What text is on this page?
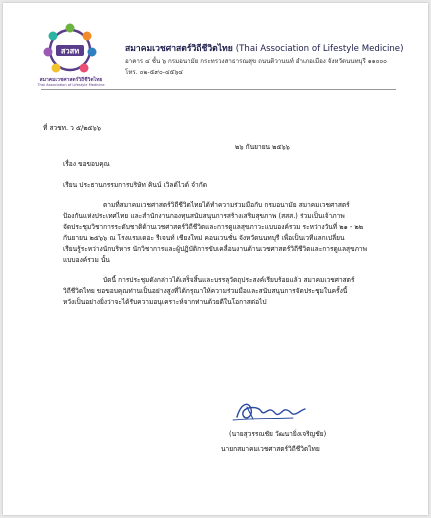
สวสท
สมาคมเวชศาสตร์วิถีชีวิตไทย
Thai Association of Lifestyle Medicine
สมาคมเวชศาสตร์วิถีชีวิตไทย (Thai Association of Lifestyle Medicine)
อาคาร ๔ ชั้น ๖ กรมอนามัย กระทรวงสาธารณสุข ถนนติวานนท์ อำเภอเมือง จังหวัดนนทบุรี ๑๑๐๐๐
โทร. ๐๒-๕๙๐-๔๕๖๔
ที่ สวชท. ว ๕/๒๕๖๖
๒๖ กันยายน ๒๕๖๖
เรื่อง ขอขอบคุณ
เรียน ประธานกรรมการบริษัท คินน์ เวิลด์ไวด์ จำกัด
ตามที่สมาคมเวชศาสตร์วิถีชีวิตไทยได้ทำความร่วมมือกับ กรมอนามัย สมาคมเวชศาสตร์
ป้องกันแห่งประเทศไทย และสำนักงานกองทุนสนับสนุนการสร้างเสริมสุขภาพ (สสส.) ร่วมเป็นเจ้าภาพ
จัดประชุมวิชาการระดับชาติด้านเวชศาสตร์วิถีชีวิตและการดูแลสุขภาวะแบบองค์รวม ระหว่างวันที่ ๒๑ - ๒๒
กันยายน ๒๕๖๖ ณ โรงแรมเดอะ รีเจนท์ เชียงใหม่ คอนเวนชั่น จังหวัดนนทบุรี เพื่อเป็นเวทีแลกเปลี่ยน
เรียนรู้ระหว่างนักบริหาร นักวิชาการและผู้ปฏิบัติการขับเคลื่อนงานด้านเวชศาสตร์วิถีชีวิตและการดูแลสุขภาพ
แบบองค์รวม นั้น
บัดนี้ การประชุมดังกล่าวได้เสร็จสิ้นและบรรลุวัตถุประสงค์เรียบร้อยแล้ว สมาคมเวชศาสตร์
วิถีชีวิตไทย ขอขอบคุณท่านเป็นอย่างสูงที่ได้กรุณาให้ความร่วมมือและสนับสนุนการจัดประชุมในครั้งนี้
หวังเป็นอย่างยิ่งว่าจะได้รับความอนุเคราะห์จากท่านด้วยดีในโอกาสต่อไป
(นายสุวรรณชัย วัฒนายิ่งเจริญชัย)
นายกสมาคมเวชศาสตร์วิถีชีวิตไทย
